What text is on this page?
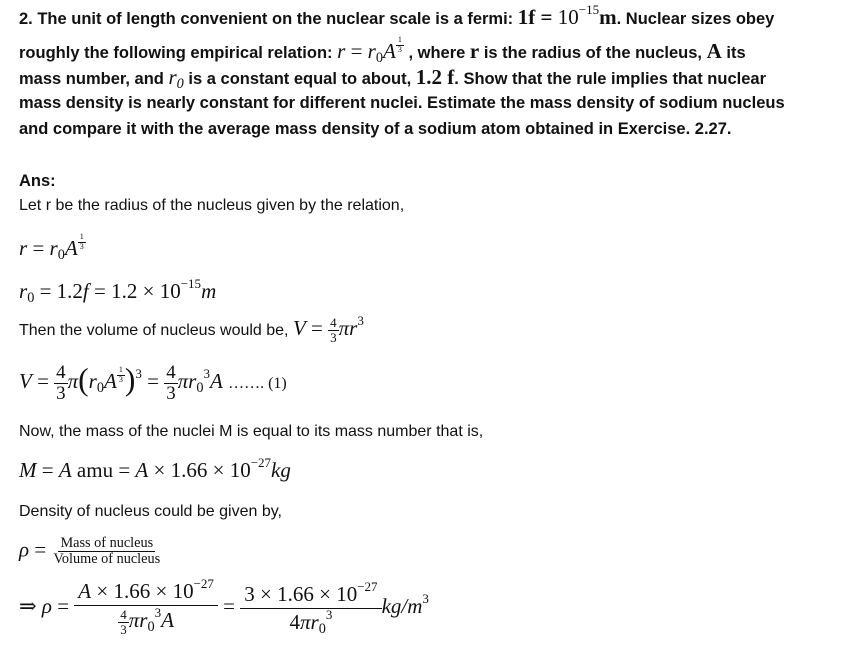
2. The unit of length convenient on the nuclear scale is a fermi: $1f = 10^{-15}m$. Nuclear sizes obey
roughly the following empirical relation: $r = r_0A$ $^{\frac{1}{3}}$ , where r is the radius of the nucleus, A its
mass number, and $r_0$ is a constant equal to about, 1.2 f. Show that the rule implies that nuclear
mass density is nearly constant for different nuclei. Estimate the mass density of sodium nucleus
and compare it with the average mass density of a sodium atom obtained in Exercise. 2.27.
Ans:
Let r be the radius of the nucleus given by the relation,
$r = r_0A$ $^{\frac{1}{3}}$
$r_0 = 1.2f = 1.2 \times 10^{-15}m$
Then the volume of nucleus would be, $V = \frac{4}{3} \pi r^3$
$V = \frac{4}{3} \pi(r_0A$ $^{\frac{1}{3}}$ )$^3 = \frac{4}{3} \pi r_0^3A$ ……. (1)
Now, the mass of the nuclei M is equal to its mass number that is,
M = A amu = $A \times 1.66 \times 10^{-27}kg$
Density of nucleus could be given by,
$\rho = \frac{\text{Mass of nucleus}}{\text{Volume of nucleus}}$
⇒ $\rho = \frac{A \times 1.66 \times 10^{-27}}{\frac{4}{3} \pi r_0^3A} = \frac{3 \times 1.66 \times 10^{-27}}{4\pi r_0^3} kg/m^3$
